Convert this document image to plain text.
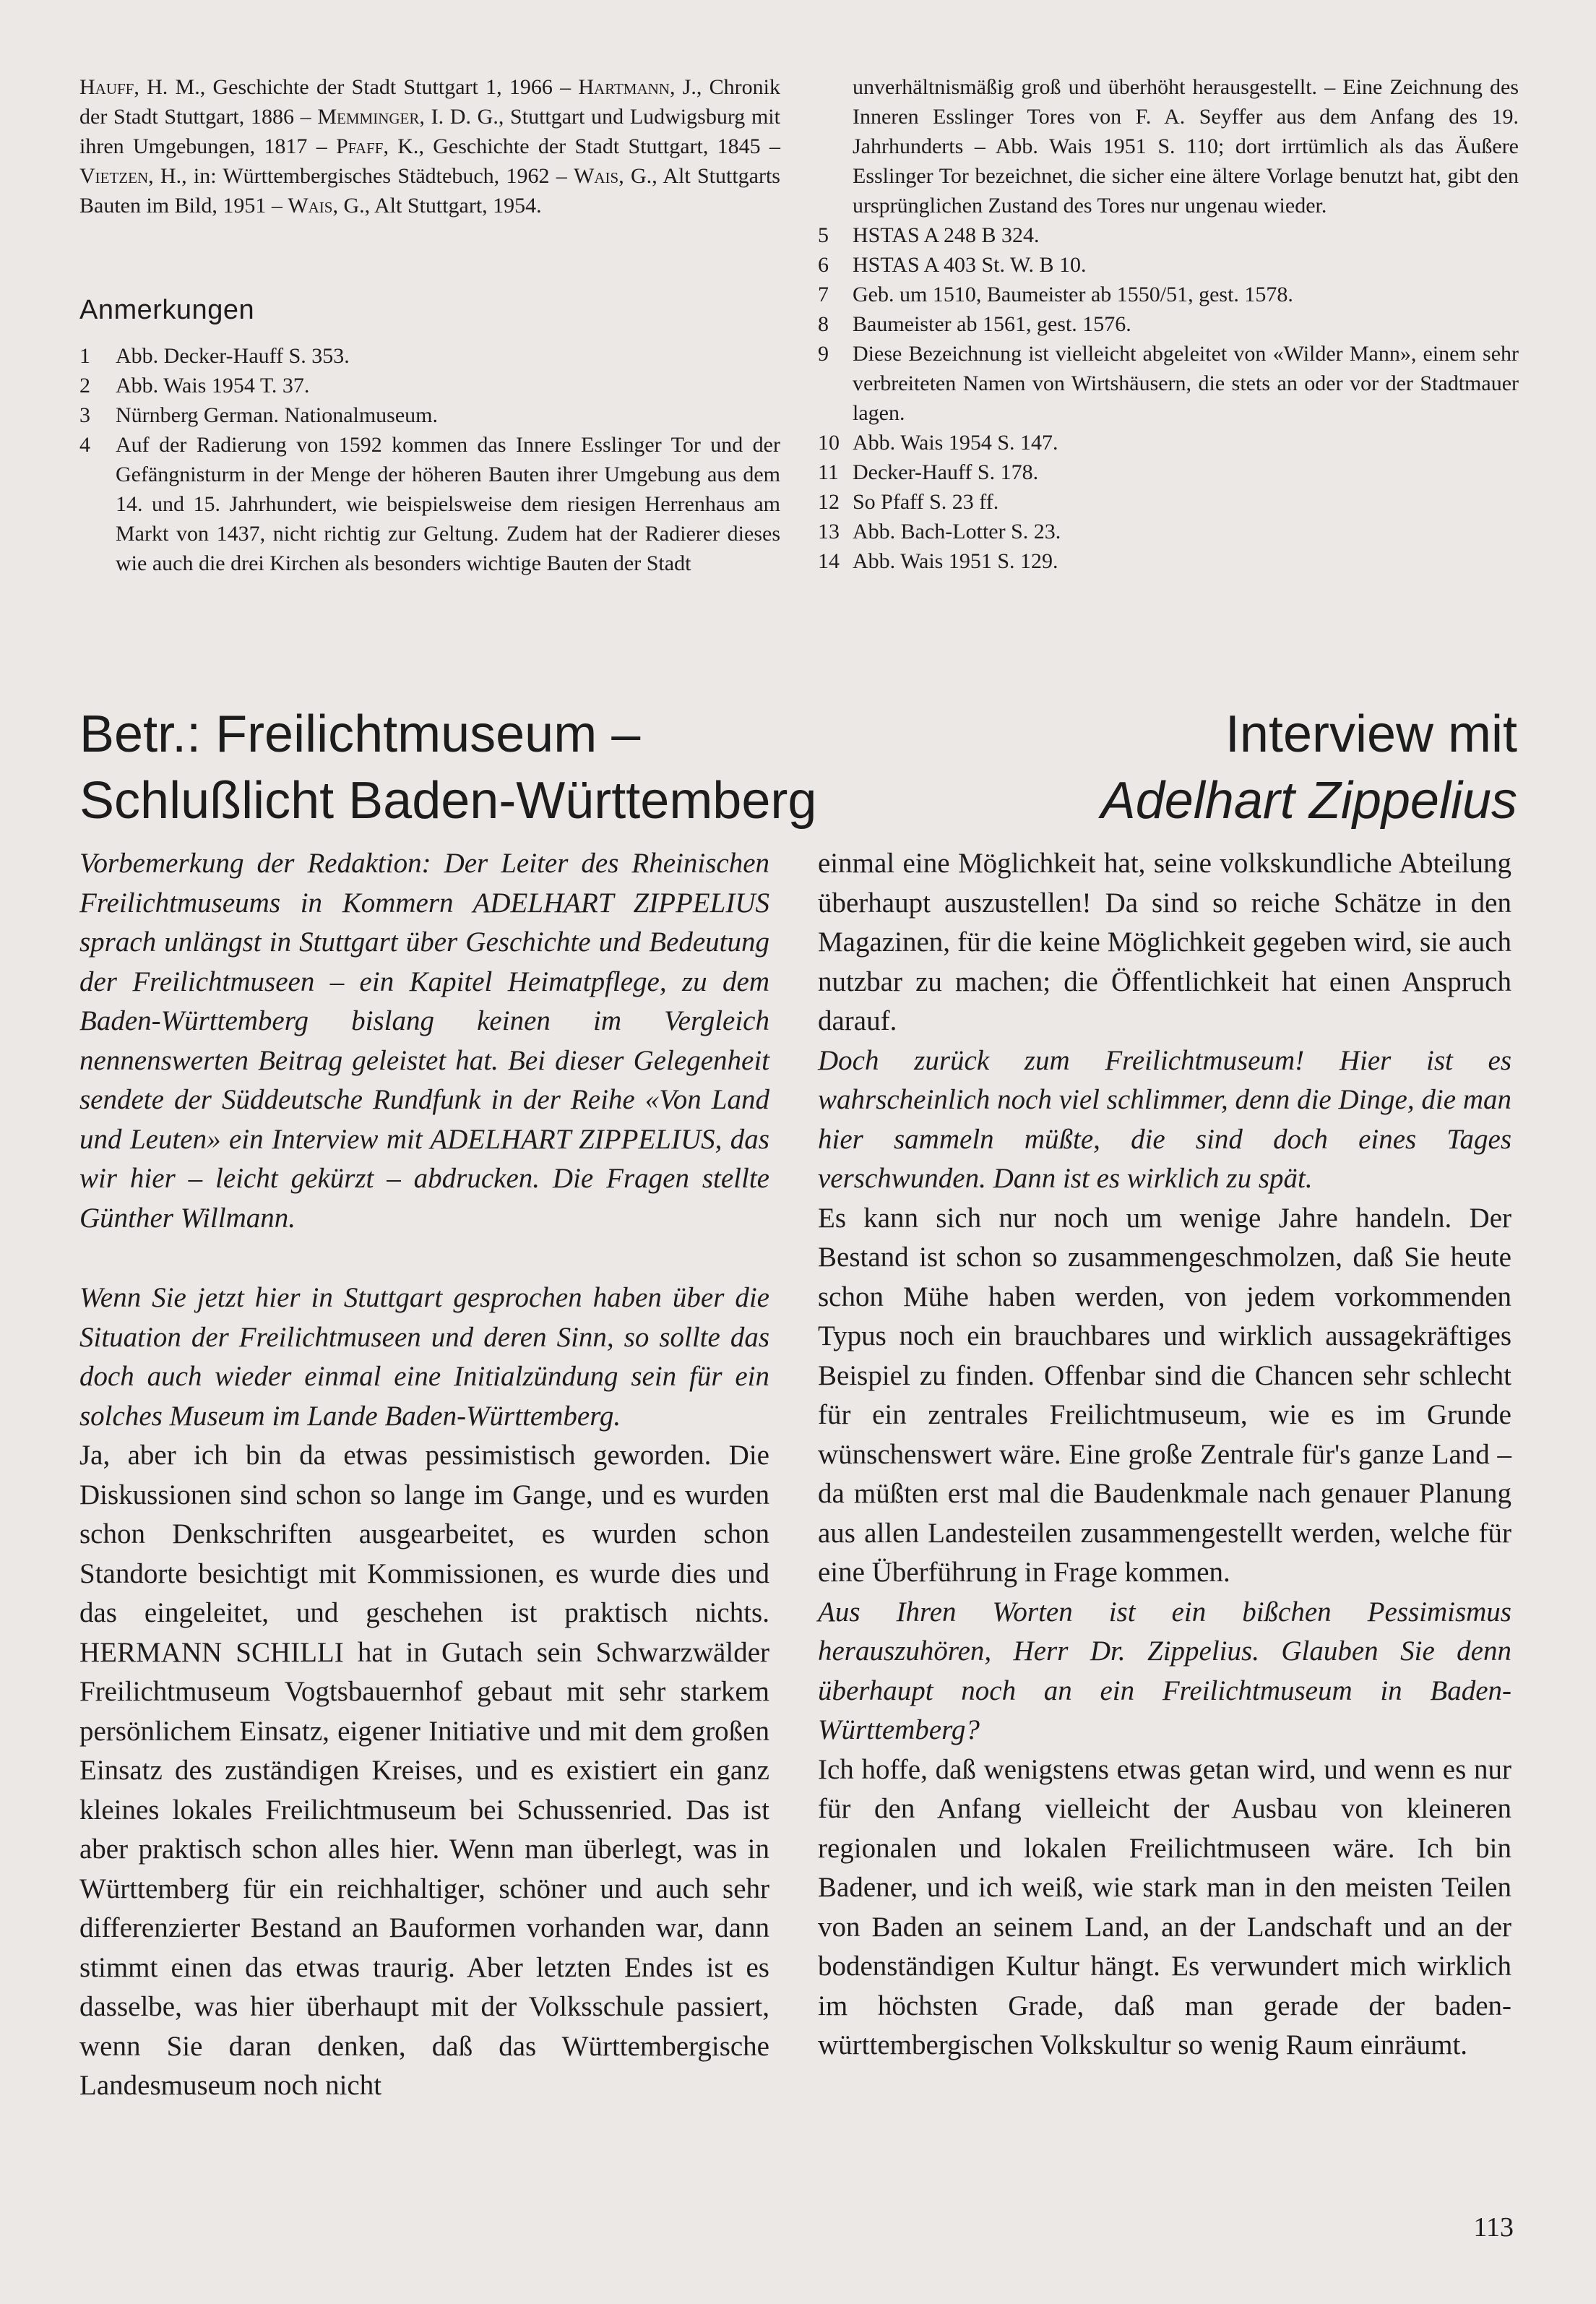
Hauff, H. M., Geschichte der Stadt Stuttgart 1, 1966 – Hartmann, J., Chronik der Stadt Stuttgart, 1886 – Memminger, I. D. G., Stuttgart und Ludwigsburg mit ihren Umgebungen, 1817 – Pfaff, K., Geschichte der Stadt Stuttgart, 1845 – Vietzen, H., in: Württembergisches Städtebuch, 1962 – Wais, G., Alt Stuttgarts Bauten im Bild, 1951 – Wais, G., Alt Stuttgart, 1954.
Anmerkungen
1	Abb. Decker-Hauff S. 353.
2	Abb. Wais 1954 T. 37.
3	Nürnberg German. Nationalmuseum.
4	Auf der Radierung von 1592 kommen das Innere Esslinger Tor und der Gefängnisturm in der Menge der höheren Bauten ihrer Umgebung aus dem 14. und 15. Jahrhundert, wie beispielsweise dem riesigen Herrenhaus am Markt von 1437, nicht richtig zur Geltung. Zudem hat der Radierer dieses wie auch die drei Kirchen als besonders wichtige Bauten der Stadt
unverhältnismäßig groß und überhöht herausgestellt. – Eine Zeichnung des Inneren Esslinger Tores von F. A. Seyffer aus dem Anfang des 19. Jahrhunderts – Abb. Wais 1951 S. 110; dort irrtümlich als das Äußere Esslinger Tor bezeichnet, die sicher eine ältere Vorlage benutzt hat, gibt den ursprünglichen Zustand des Tores nur ungenau wieder.
5	HSTAS A 248 B 324.
6	HSTAS A 403 St. W. B 10.
7	Geb. um 1510, Baumeister ab 1550/51, gest. 1578.
8	Baumeister ab 1561, gest. 1576.
9	Diese Bezeichnung ist vielleicht abgeleitet von «Wilder Mann», einem sehr verbreiteten Namen von Wirtshäusern, die stets an oder vor der Stadtmauer lagen.
10 Abb. Wais 1954 S. 147.
11 Decker-Hauff S. 178.
12 So Pfaff S. 23 ff.
13 Abb. Bach-Lotter S. 23.
14 Abb. Wais 1951 S. 129.
Betr.: Freilichtmuseum –
Schlußlicht Baden-Württemberg
Interview mit
Adelhart Zippelius

Vorbemerkung der Redaktion: Der Leiter des Rheinischen Freilichtmuseums in Kommern ADELHART ZIPPELIUS sprach unlängst in Stuttgart über Geschichte und Bedeutung der Freilichtmuseen – ein Kapitel Heimatpflege, zu dem Baden-Württemberg bislang keinen im Vergleich nennenswerten Beitrag geleistet hat. Bei dieser Gelegenheit sendete der Süddeutsche Rundfunk in der Reihe «Von Land und Leuten» ein Interview mit ADELHART ZIPPELIUS, das wir hier – leicht gekürzt – abdrucken. Die Fragen stellte Günther Willmann.

Wenn Sie jetzt hier in Stuttgart gesprochen haben über die Situation der Freilichtmuseen und deren Sinn, so sollte das doch auch wieder einmal eine Initialzündung sein für ein solches Museum im Lande Baden-Württemberg.

Ja, aber ich bin da etwas pessimistisch geworden. Die Diskussionen sind schon so lange im Gange, und es wurden schon Denkschriften ausgearbeitet, es wurden schon Standorte besichtigt mit Kommissionen, es wurde dies und das eingeleitet, und geschehen ist praktisch nichts. HERMANN SCHILLI hat in Gutach sein Schwarzwälder Freilichtmuseum Vogtsbauernhof gebaut mit sehr starkem persönlichem Einsatz, eigener Initiative und mit dem großen Einsatz des zuständigen Kreises, und es existiert ein ganz kleines lokales Freilichtmuseum bei Schussenried. Das ist aber praktisch schon alles hier. Wenn man überlegt, was in Württemberg für ein reichhaltiger, schöner und auch sehr differenzierter Bestand an Bauformen vorhanden war, dann stimmt einen das etwas traurig. Aber letzten Endes ist es dasselbe, was hier überhaupt mit der Volksschule passiert, wenn Sie daran denken, daß das Württembergische Landesmuseum noch nicht

einmal eine Möglichkeit hat, seine volkskundliche Abteilung überhaupt auszustellen! Da sind so reiche Schätze in den Magazinen, für die keine Möglichkeit gegeben wird, sie auch nutzbar zu machen; die Öffentlichkeit hat einen Anspruch darauf.

Doch zurück zum Freilichtmuseum! Hier ist es wahrscheinlich noch viel schlimmer, denn die Dinge, die man hier sammeln müßte, die sind doch eines Tages verschwunden. Dann ist es wirklich zu spät.

Es kann sich nur noch um wenige Jahre handeln. Der Bestand ist schon so zusammengeschmolzen, daß Sie heute schon Mühe haben werden, von jedem vorkommenden Typus noch ein brauchbares und wirklich aussagekräftiges Beispiel zu finden. Offenbar sind die Chancen sehr schlecht für ein zentrales Freilichtmuseum, wie es im Grunde wünschenswert wäre. Eine große Zentrale für's ganze Land – da müßten erst mal die Baudenkmale nach genauer Planung aus allen Landesteilen zusammengestellt werden, welche für eine Überführung in Frage kommen.

Aus Ihren Worten ist ein bißchen Pessimismus herauszuhören, Herr Dr. Zippelius. Glauben Sie denn überhaupt noch an ein Freilichtmuseum in Baden-Württemberg?

Ich hoffe, daß wenigstens etwas getan wird, und wenn es nur für den Anfang vielleicht der Ausbau von kleineren regionalen und lokalen Freilichtmuseen wäre. Ich bin Badener, und ich weiß, wie stark man in den meisten Teilen von Baden an seinem Land, an der Landschaft und an der bodenständigen Kultur hängt. Es verwundert mich wirklich im höchsten Grade, daß man gerade der baden-württembergischen Volkskultur so wenig Raum einräumt.

113
